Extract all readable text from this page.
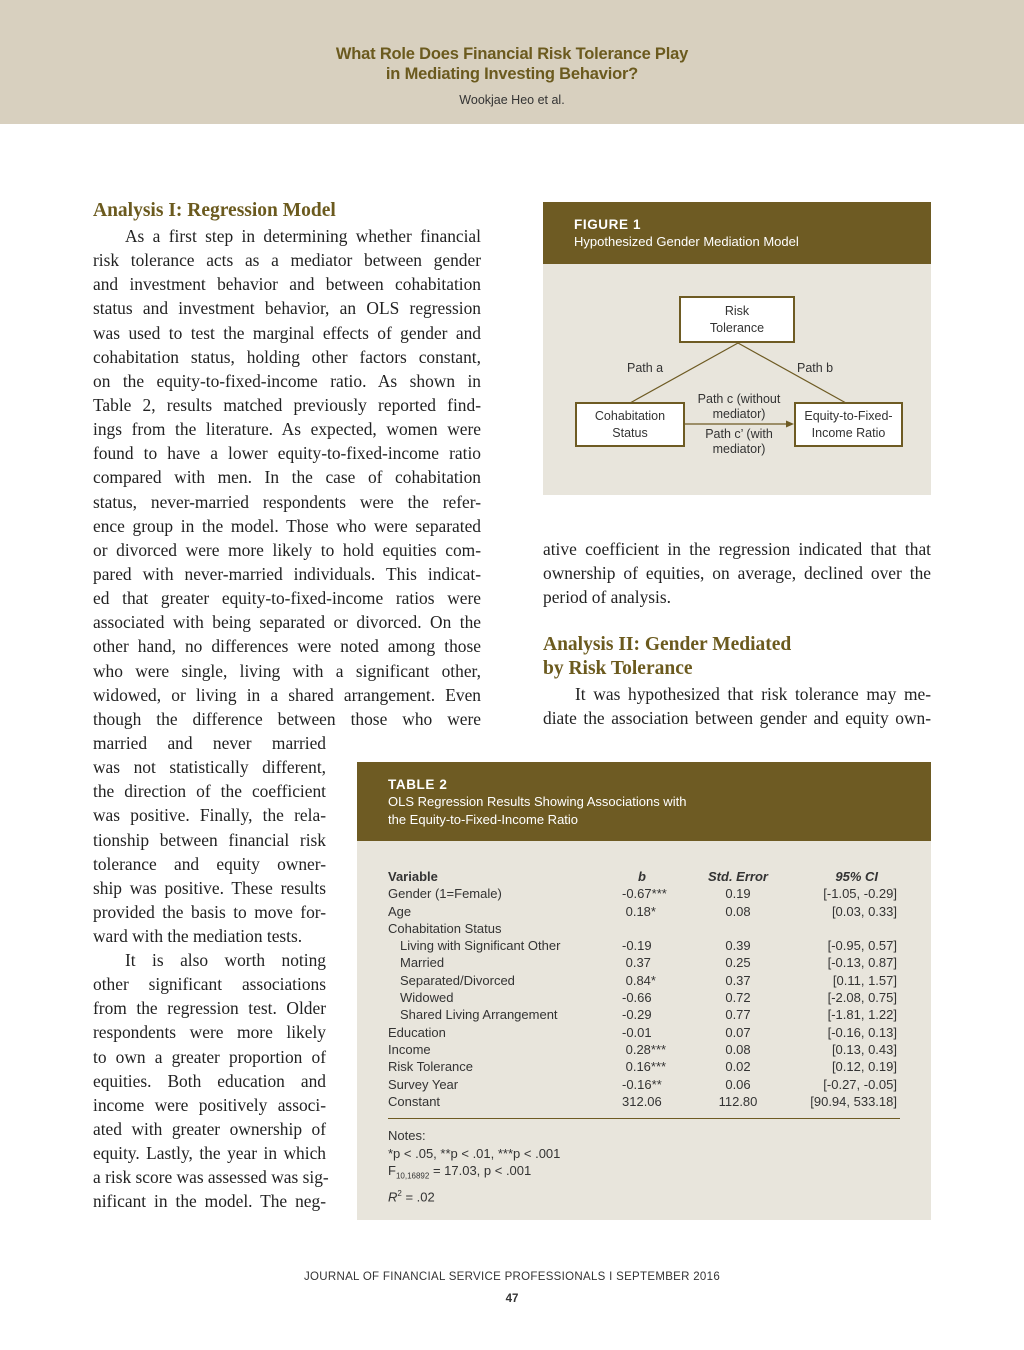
What Role Does Financial Risk Tolerance Play
in Mediating Investing Behavior?
Wookjae Heo et al.
Analysis I: Regression Model
As a first step in determining whether financial
risk tolerance acts as a mediator between gender
and investment behavior and between cohabitation
status and investment behavior, an OLS regression
was used to test the marginal effects of gender and
cohabitation status, holding other factors constant,
on the equity-to-fixed-income ratio. As shown in
Table 2, results matched previously reported find-
ings from the literature. As expected, women were
found to have a lower equity-to-fixed-income ratio
compared with men. In the case of cohabitation
status, never-married respondents were the refer-
ence group in the model. Those who were separated
or divorced were more likely to hold equities com-
pared with never-married individuals. This indicat-
ed that greater equity-to-fixed-income ratios were
associated with being separated or divorced. On the
other hand, no differences were noted among those
who were single, living with a significant other,
widowed, or living in a shared arrangement. Even
though the difference between those who were
married and never married
was not statistically different,
the direction of the coefficient
was positive. Finally, the rela-
tionship between financial risk
tolerance and equity owner-
ship was positive. These results
provided the basis to move for-
ward with the mediation tests.
It is also worth noting
other significant associations
from the regression test. Older
respondents were more likely
to own a greater proportion of
equities. Both education and
income were positively associ-
ated with greater ownership of
equity. Lastly, the year in which
a risk score was assessed was sig-
nificant in the model. The neg-
FIGURE 1
Hypothesized Gender Mediation Model
Risk
Tolerance
Cohabitation
Status
Equity-to-Fixed-
Income Ratio
Path a	Path b
Path c (without
mediator)
Path c’ (with
mediator)
ative coefficient in the regression indicated that that
ownership of equities, on average, declined over the
period of analysis.
Analysis II: Gender Mediated
by Risk Tolerance
It was hypothesized that risk tolerance may me-
diate the association between gender and equity own-
TABLE 2
OLS Regression Results Showing Associations with
the Equity-to-Fixed-Income Ratio
Variable	b	Std. Error	95% CI
Gender (1=Female)	-0.67***	0.19	[-1.05, -0.29]
Age	0.18*	0.08	[0.03, 0.33]
Cohabitation Status
Living with Significant Other	-0.19	0.39	[-0.95, 0.57]
Married	0.37	0.25	[-0.13, 0.87]
Separated/Divorced	0.84*	0.37	[0.11, 1.57]
Widowed	-0.66	0.72	[-2.08, 0.75]
Shared Living Arrangement	-0.29	0.77	[-1.81, 1.22]
Education	-0.01	0.07	[-0.16, 0.13]
Income	0.28***	0.08	[0.13, 0.43]
Risk Tolerance	0.16***	0.02	[0.12, 0.19]
Survey Year	-0.16**	0.06	[-0.27, -0.05]
Constant	312.06	112.80	[90.94, 533.18]
Notes:
*p < .05, **p < .01, ***p < .001
$F_{10,16892} = 17.03$, p < .001
$R^2 = .02$
JOURNAL OF FINANCIAL SERVICE PROFESSIONALS I SEPTEMBER 2016
47
